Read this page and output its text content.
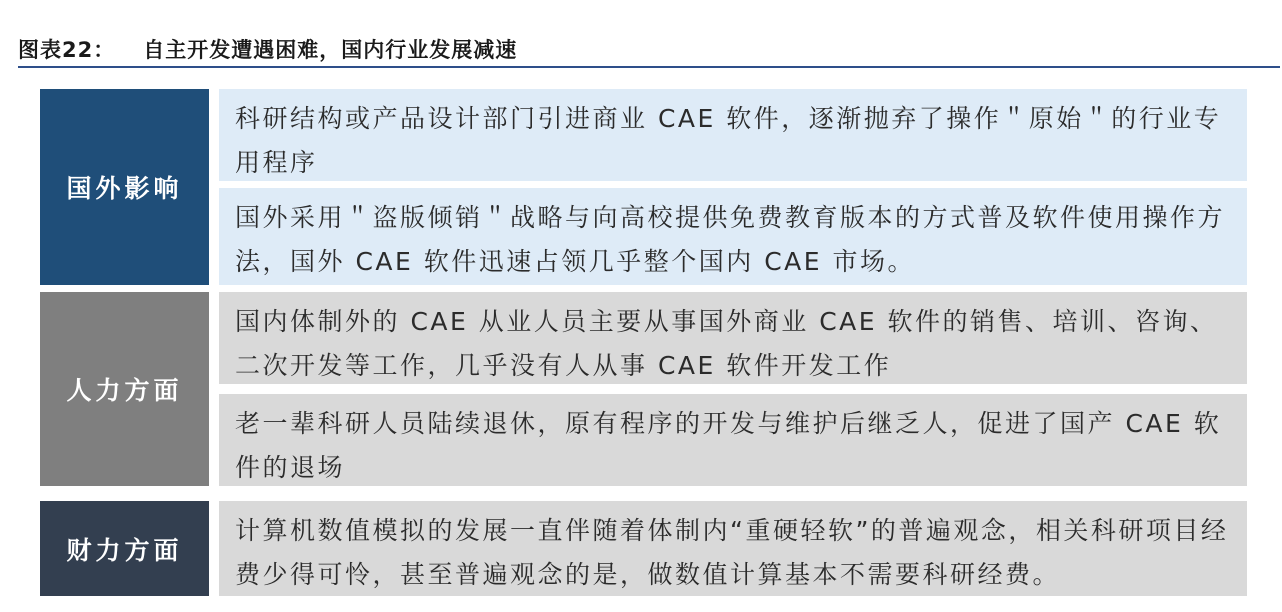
图表22： 自主开发遭遇困难，国内行业发展减速
国外影响
科研结构或产品设计部门引进商业 CAE 软件，逐渐抛弃了操作＂原始＂的行业专用程序
国外采用＂盗版倾销＂战略与向高校提供免费教育版本的方式普及软件使用操作方法，国外 CAE 软件迅速占领几乎整个国内 CAE 市场。
人力方面
国内体制外的 CAE 从业人员主要从事国外商业 CAE 软件的销售、培训、咨询、二次开发等工作，几乎没有人从事 CAE 软件开发工作
老一辈科研人员陆续退休，原有程序的开发与维护后继乏人，促进了国产 CAE 软件的退场
财力方面
计算机数值模拟的发展一直伴随着体制内“重硬轻软”的普遍观念，相关科研项目经费少得可怜，甚至普遍观念的是，做数值计算基本不需要科研经费。
